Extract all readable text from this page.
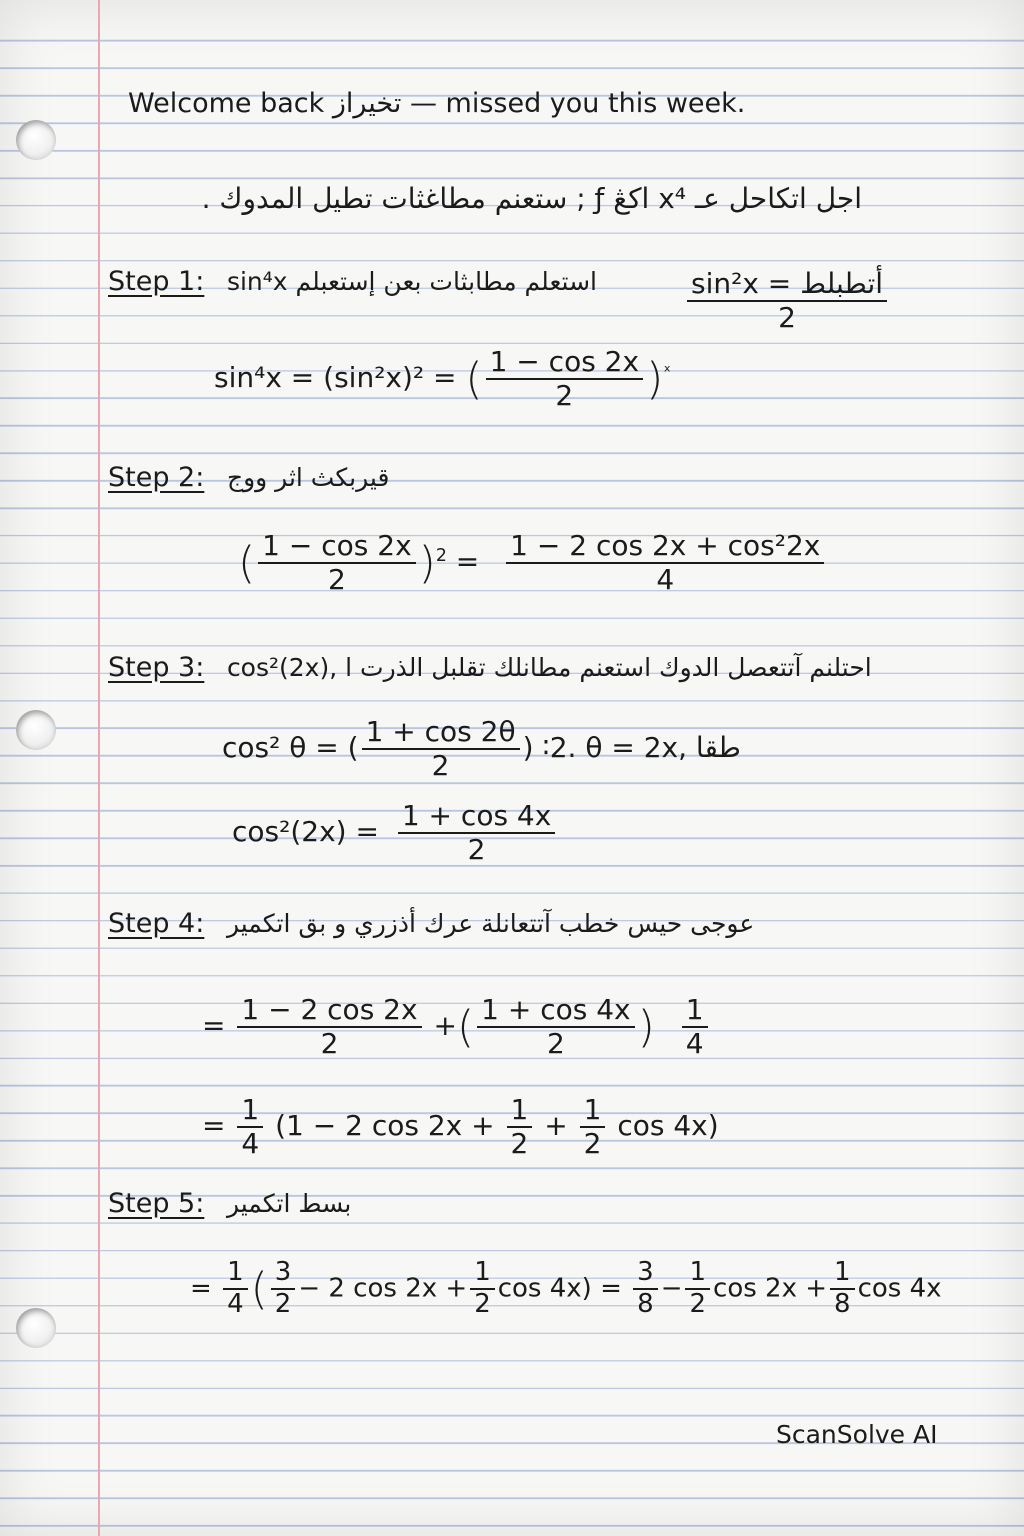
Welcome back تخيراز — missed you this week.
اجل اتكاحل عـ x⁴ اکڠ ƒ ; ستعنم مطاغثات تطيل المدوك .
Step 1: sin⁴x استعلم مطابثات بعن إستعبلم	$\frac{\text{sin²x = أتطبلط}}{2}$
sin⁴x = (sin²x)² = ( $\frac{1 - \cos 2x}{2} )^ˣ$
Step 2: قيربكث اثر ووج
( $\frac{1 - \cos 2x}{2} )^2 = \frac{\text{1 − 2 cos 2x + cos²2x}}{4}$
Step 3: cos²(2x), l احتلنم آتتعصل الدوك استعنم مطانلك تقلبل الذرت
cos² θ = ( $\frac{1 + \cos 2\theta}{2}$ ) ∶2. θ = 2x, طقا
$\cos^2(2x) = \frac{1 + \cos 4x}{2}$
Step 4: عوجى حيس خطب آتتعانلة عرك أذزري و بق اتكمير
= $\frac{1 - 2 \cos 2x}{2}$ +( $\frac{1 + \cos 4x}{2}$ ) $\frac{1}{4}$
= $\frac{1}{4} (1 - 2$ $\cos 2x + \frac{1}{2} + \frac{1}{2}$ cos 4x)
Step 5: بسط اتكمير
= $\frac{1}{4}$ ( $\frac{3}{2} - 2$ $\cos 2x + \frac{1}{2}$ $\cos 4x) = \frac{3}{8} - \frac{1}{2}$ $\cos 2x + \frac{1}{8}$ cos 4x
ScanSolve AI
